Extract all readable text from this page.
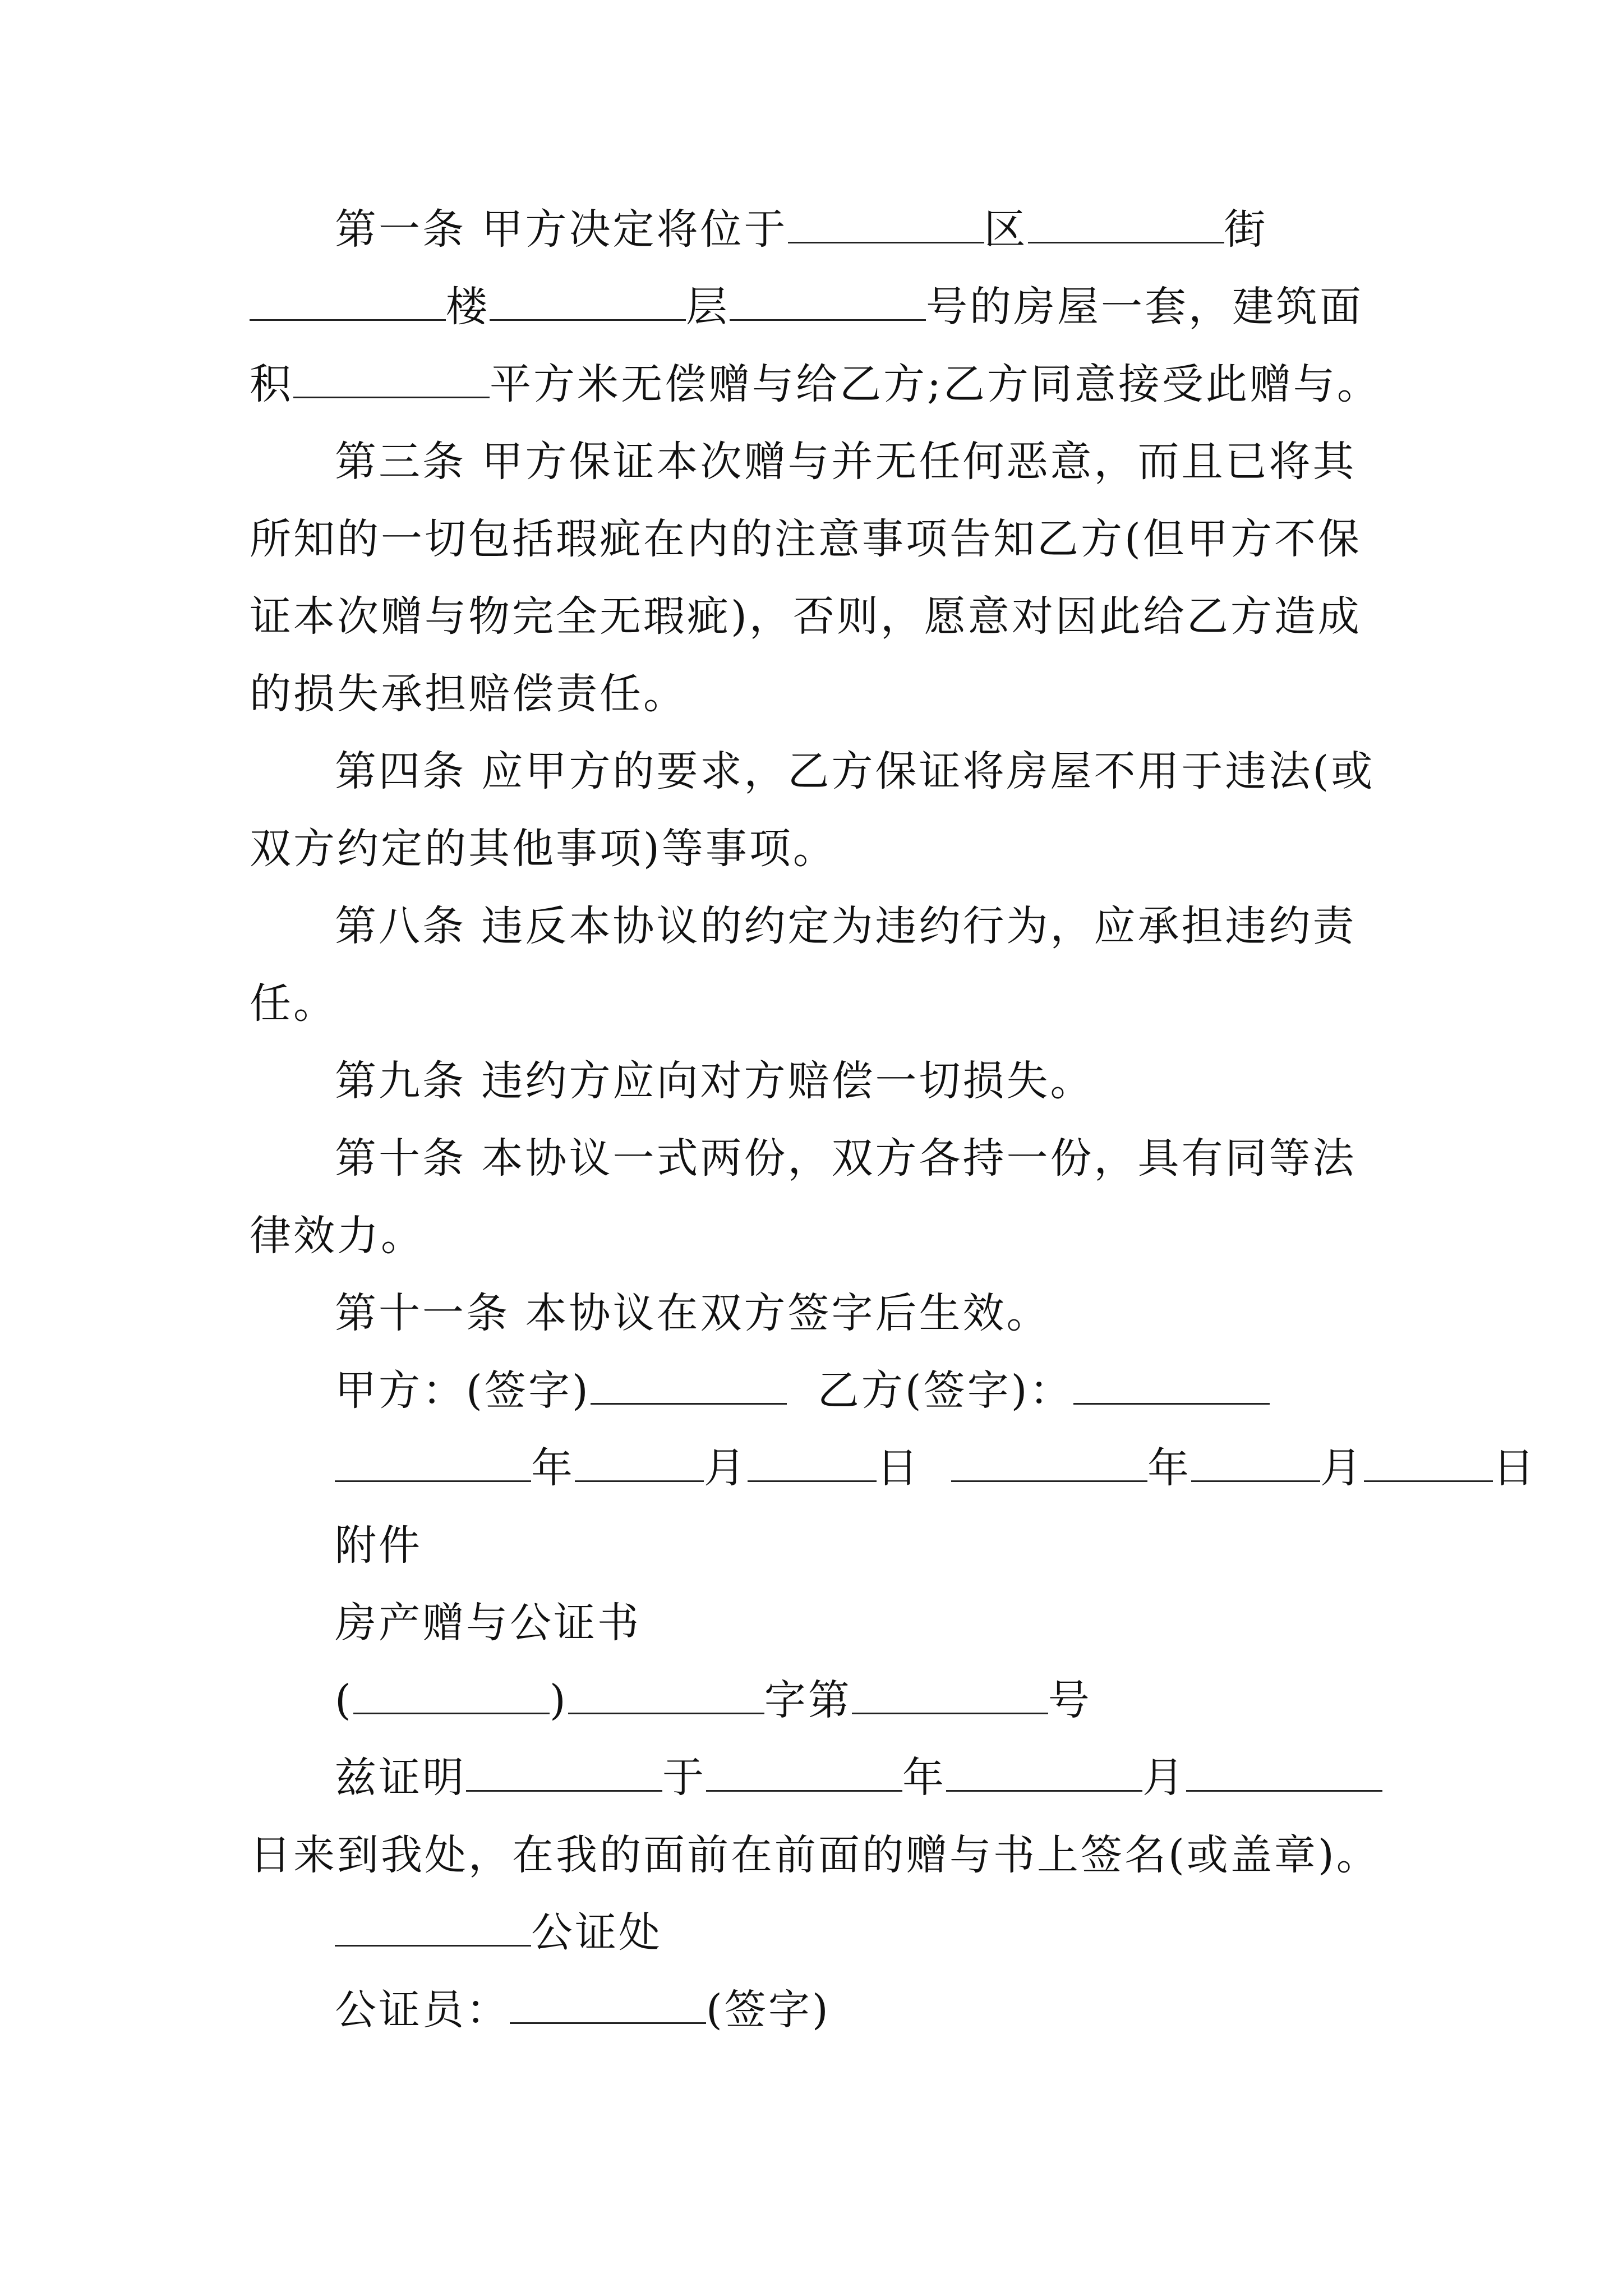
第一条 甲方决定将位于	区	街楼	层	号的房屋一套，建筑面积	平方米无偿赠与给乙方;乙方同意接受此赠与。

第三条 甲方保证本次赠与并无任何恶意，而且已将其所知的一切包括瑕疵在内的注意事项告知乙方(但甲方不保证本次赠与物完全无瑕疵)，否则，愿意对因此给乙方造成的损失承担赔偿责任。

第四条 应甲方的要求，乙方保证将房屋不用于违法(或双方约定的其他事项)等事项。

第八条 违反本协议的约定为违约行为，应承担违约责任。

第九条 违约方应向对方赔偿一切损失。

第十条 本协议一式两份，双方各持一份，具有同等法律效力。

第十一条 本协议在双方签字后生效。

甲方：(签字)	乙方(签字)：

年	月	日	年	月	日

附件

房产赠与公证书

(	)	字第	号

兹证明	于	年	月日来到我处，在我的面前在前面的赠与书上签名(或盖章)。

公证处

公证员：	(签字)
